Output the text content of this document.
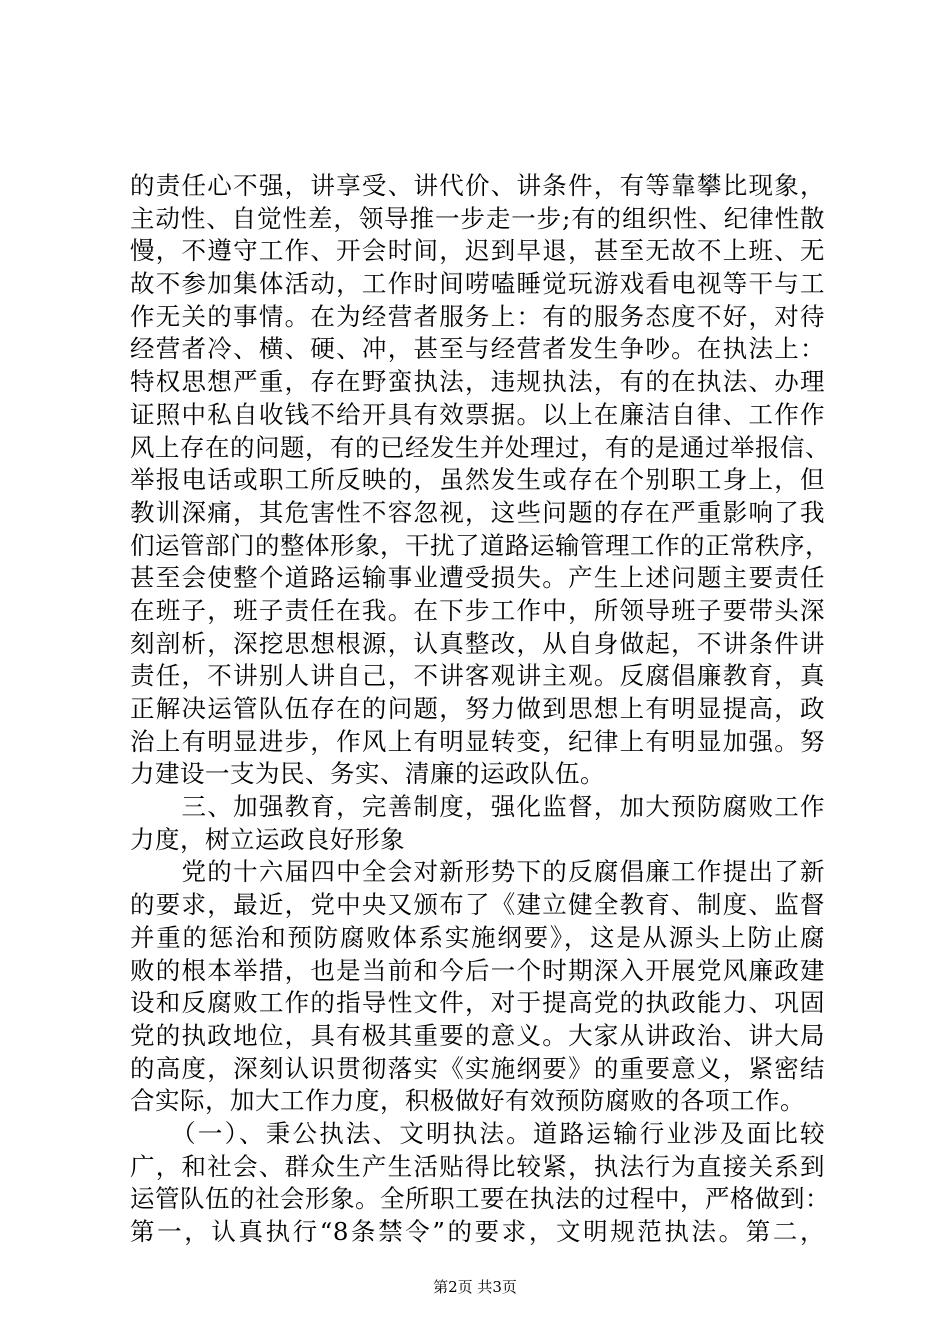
的责任心不强，讲享受、讲代价、讲条件，有等靠攀比现象，
主动性、自觉性差，领导推一步走一步;有的组织性、纪律性散
慢，不遵守工作、开会时间，迟到早退，甚至无故不上班、无
故不参加集体活动，工作时间唠嗑睡觉玩游戏看电视等干与工
作无关的事情。在为经营者服务上：有的服务态度不好，对待
经营者冷、横、硬、冲，甚至与经营者发生争吵。在执法上：
特权思想严重，存在野蛮执法，违规执法，有的在执法、办理
证照中私自收钱不给开具有效票据。以上在廉洁自律、工作作
风上存在的问题，有的已经发生并处理过，有的是通过举报信、
举报电话或职工所反映的，虽然发生或存在个别职工身上，但
教训深痛，其危害性不容忽视，这些问题的存在严重影响了我
们运管部门的整体形象，干扰了道路运输管理工作的正常秩序，
甚至会使整个道路运输事业遭受损失。产生上述问题主要责任
在班子，班子责任在我。在下步工作中，所领导班子要带头深
刻剖析，深挖思想根源，认真整改，从自身做起，不讲条件讲
责任，不讲别人讲自己，不讲客观讲主观。反腐倡廉教育，真
正解决运管队伍存在的问题，努力做到思想上有明显提高，政
治上有明显进步，作风上有明显转变，纪律上有明显加强。努
力建设一支为民、务实、清廉的运政队伍。
　　三、加强教育，完善制度，强化监督，加大预防腐败工作
力度，树立运政良好形象
　　党的十六届四中全会对新形势下的反腐倡廉工作提出了新
的要求，最近，党中央又颁布了《建立健全教育、制度、监督
并重的惩治和预防腐败体系实施纲要》，这是从源头上防止腐
败的根本举措，也是当前和今后一个时期深入开展党风廉政建
设和反腐败工作的指导性文件，对于提高党的执政能力、巩固
党的执政地位，具有极其重要的意义。大家从讲政治、讲大局
的高度，深刻认识贯彻落实《实施纲要》的重要意义，紧密结
合实际，加大工作力度，积极做好有效预防腐败的各项工作。
　　（一）、秉公执法、文明执法。道路运输行业涉及面比较
广，和社会、群众生产生活贴得比较紧，执法行为直接关系到
运管队伍的社会形象。全所职工要在执法的过程中，严格做到：
第一，认真执行“8条禁令”的要求，文明规范执法。第二，
第2页 共3页
